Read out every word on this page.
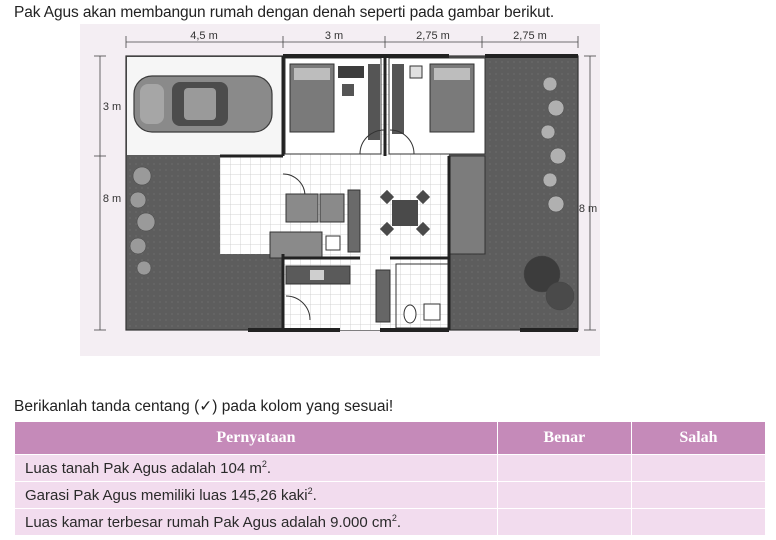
Pak Agus akan membangun rumah dengan denah seperti pada gambar berikut.
4,5 m	3 m	2,75 m	2,75 m
3 m
8 m
8 m
Berikanlah tanda centang (✓) pada kolom yang sesuai!
Pernyataan	Benar	Salah
Luas tanah Pak Agus adalah 104 $m^2$.		
Garasi Pak Agus memiliki luas 145,26 kaki$^2$.		
Luas kamar terbesar rumah Pak Agus adalah 9.000 $cm^2$.		
